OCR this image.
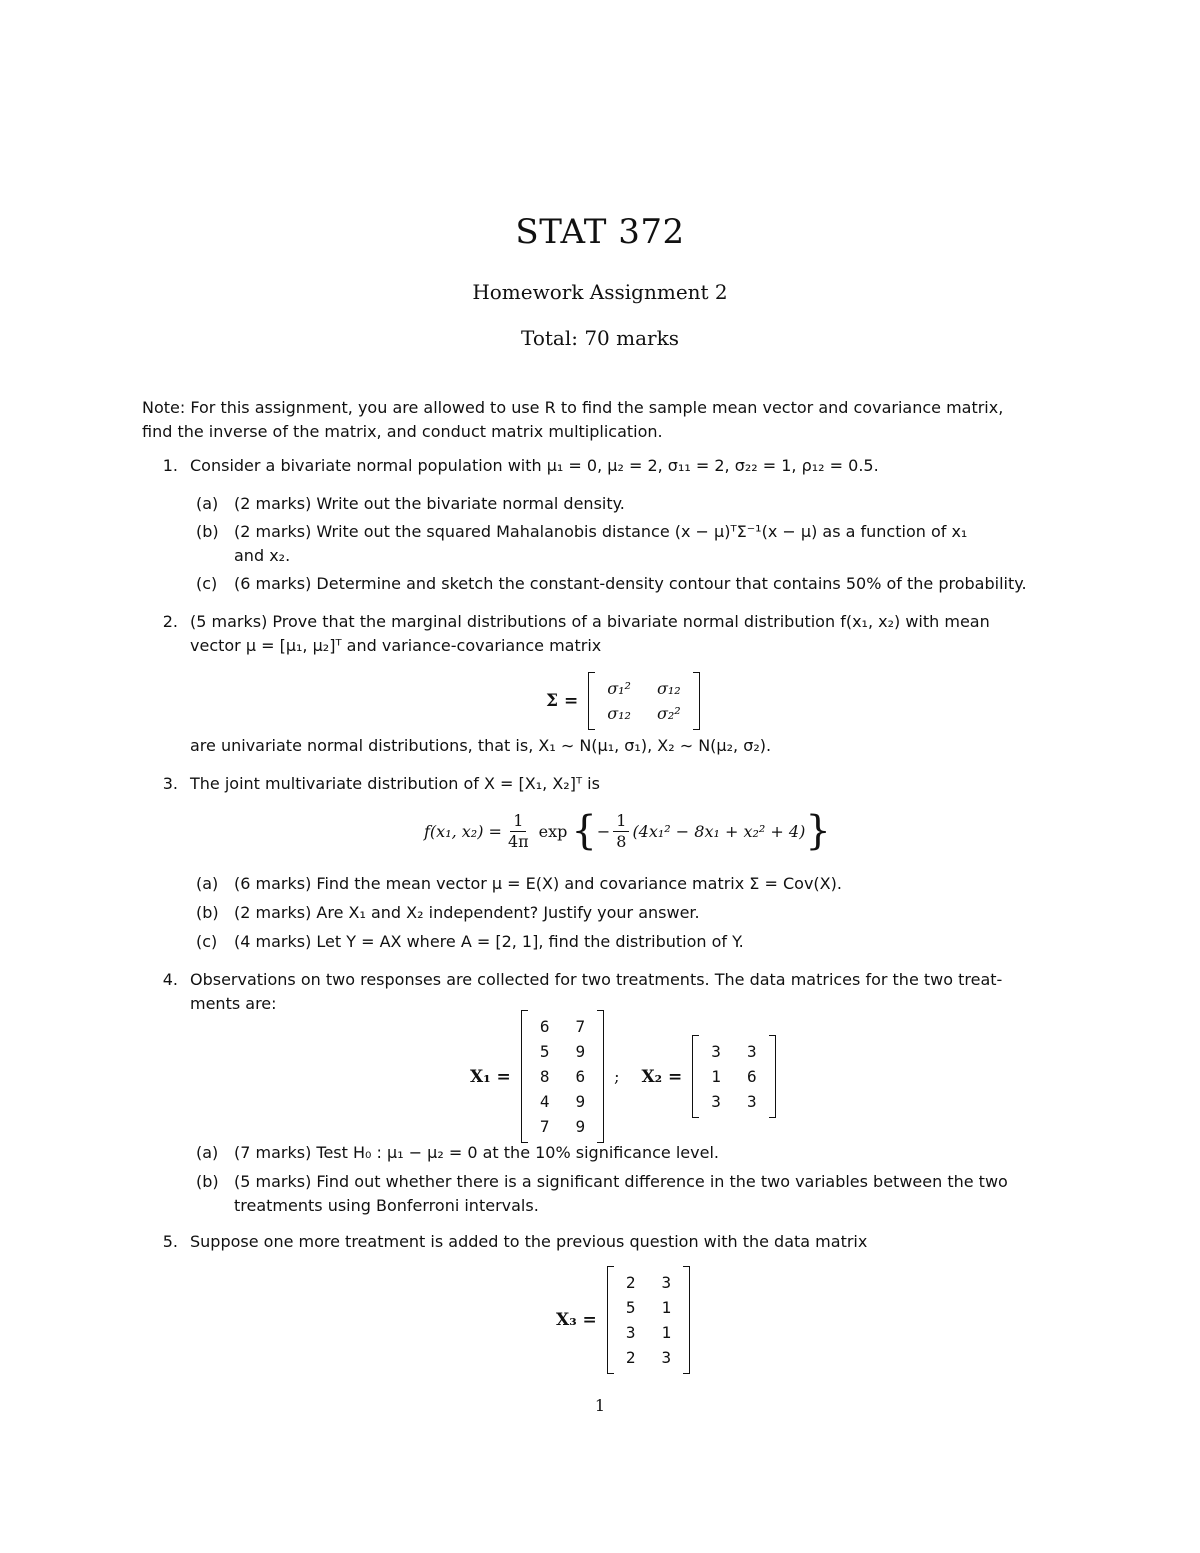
STAT 372
Homework Assignment 2
Total: 70 marks
Note: For this assignment, you are allowed to use R to find the sample mean vector and covariance matrix,
find the inverse of the matrix, and conduct matrix multiplication.
1. Consider a bivariate normal population with μ₁ = 0, μ₂ = 2, σ₁₁ = 2, σ₂₂ = 1, ρ₁₂ = 0.5.
(a) (2 marks) Write out the bivariate normal density.
(b) (2 marks) Write out the squared Mahalanobis distance (x − μ)ᵀΣ⁻¹(x − μ) as a function of x₁
and x₂.
(c) (6 marks) Determine and sketch the constant-density contour that contains 50% of the probability.
2. (5 marks) Prove that the marginal distributions of a bivariate normal distribution f(x₁, x₂) with mean
vector μ = [μ₁, μ₂]ᵀ and variance-covariance matrix
Σ =
σ₁² σ₁₂
σ₁₂ σ₂²
are univariate normal distributions, that is, X₁ ∼ N(μ₁, σ₁), X₂ ∼ N(μ₂, σ₂).
3. The joint multivariate distribution of X = [X₁, X₂]ᵀ is
f(x₁, $x_2) = \frac{1}{4\pi}$ exp { − $\frac{1}{8} (4x_1^2 - 8x_1 + x_2^2 + 4)$ }
(a) (6 marks) Find the mean vector μ = E(X) and covariance matrix Σ = Cov(X).
(b) (2 marks) Are X₁ and X₂ independent? Justify your answer.
(c) (4 marks) Let Y = AX where A = [2, 1], find the distribution of Y.
4. Observations on two responses are collected for two treatments. The data matrices for the two treat-
ments are:
X₁ =
6 7
5 9
8 6
4 9
7 9
; X₂ =
3 3
1 6
3 3
(a) (7 marks) Test H₀ : μ₁ − μ₂ = 0 at the 10% significance level.
(b) (5 marks) Find out whether there is a significant difference in the two variables between the two
treatments using Bonferroni intervals.
5. Suppose one more treatment is added to the previous question with the data matrix
X₃ =
2 3
5 1
3 1
2 3
1
